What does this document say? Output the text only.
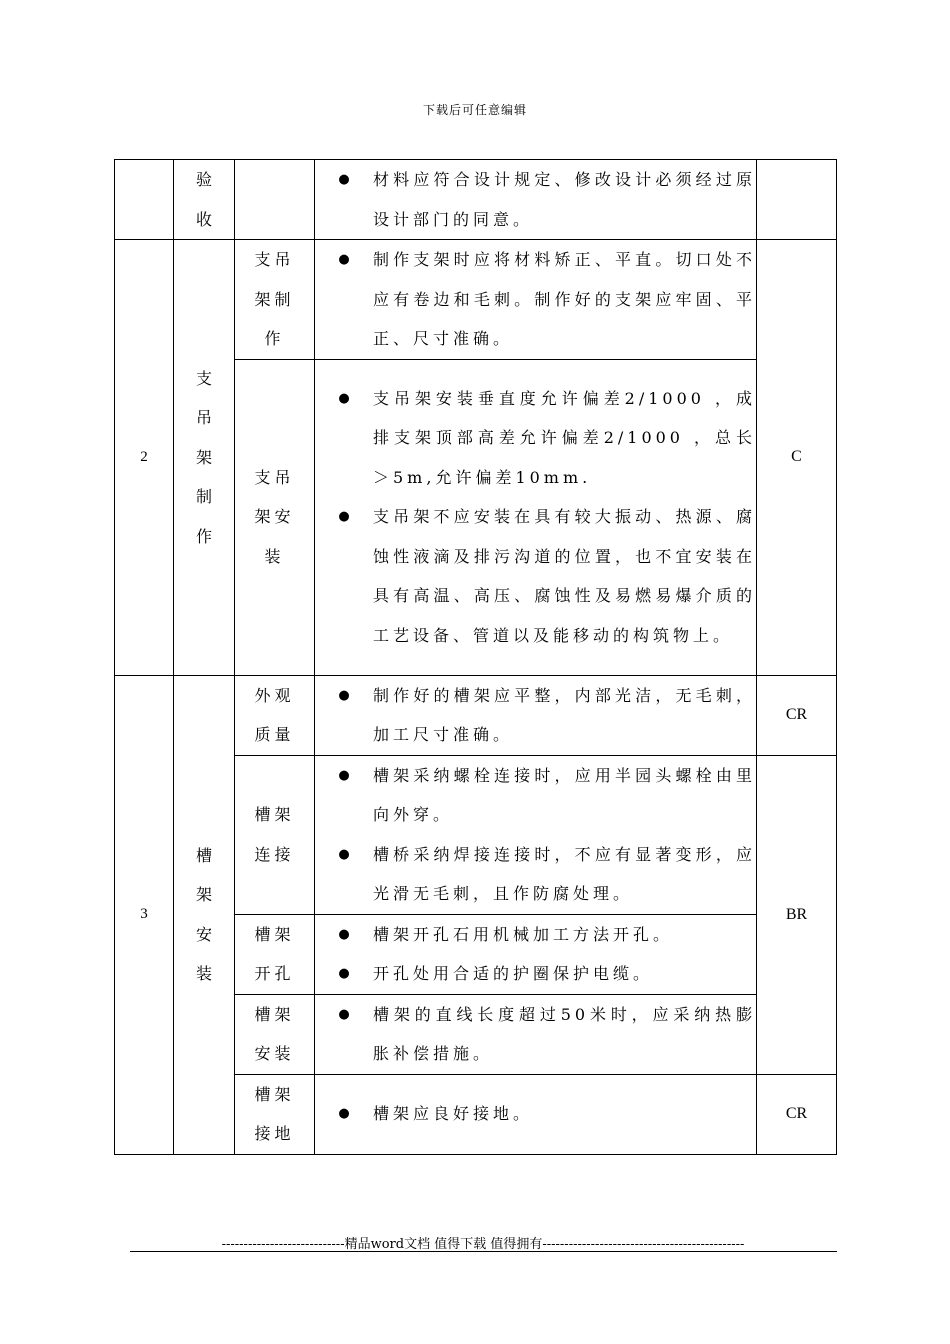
下载后可任意编辑

	验收		● 材料应符合设计规定、修改设计必须经过原设计部门的同意。	

2	支吊架制作	支吊架制作	● 制作支架时应将材料矫正、平直。切口处不应有卷边和毛刺。制作好的支架应牢固、平正、尺寸准确。	C

		支吊架安装	● 支吊架安装垂直度允许偏差2/1000 ，成排支架顶部高差允许偏差2/1000 ，总长＞5m,允许偏差10mm.
● 支吊架不应安装在具有较大振动、热源、腐蚀性液滴及排污沟道的位置，也不宜安装在具有高温、高压、腐蚀性及易燃易爆介质的工艺设备、管道以及能移动的构筑物上。	

3	槽架安装	外观质量	● 制作好的槽架应平整，内部光洁，无毛刺，加工尺寸准确。	CR

		槽架连接	● 槽架采纳螺栓连接时，应用半园头螺栓由里向外穿。
● 槽桥采纳焊接连接时，不应有显著变形，应光滑无毛刺，且作防腐处理。	BR

		槽架开孔	● 槽架开孔石用机械加工方法开孔。
● 开孔处用合适的护圈保护电缆。	

		槽架安装	● 槽架的直线长度超过50米时，应采纳热膨胀补偿措施。	

		槽架接地	● 槽架应良好接地。	CR
----------------------------精品word文档 值得下载 值得拥有----------------------------------------------
